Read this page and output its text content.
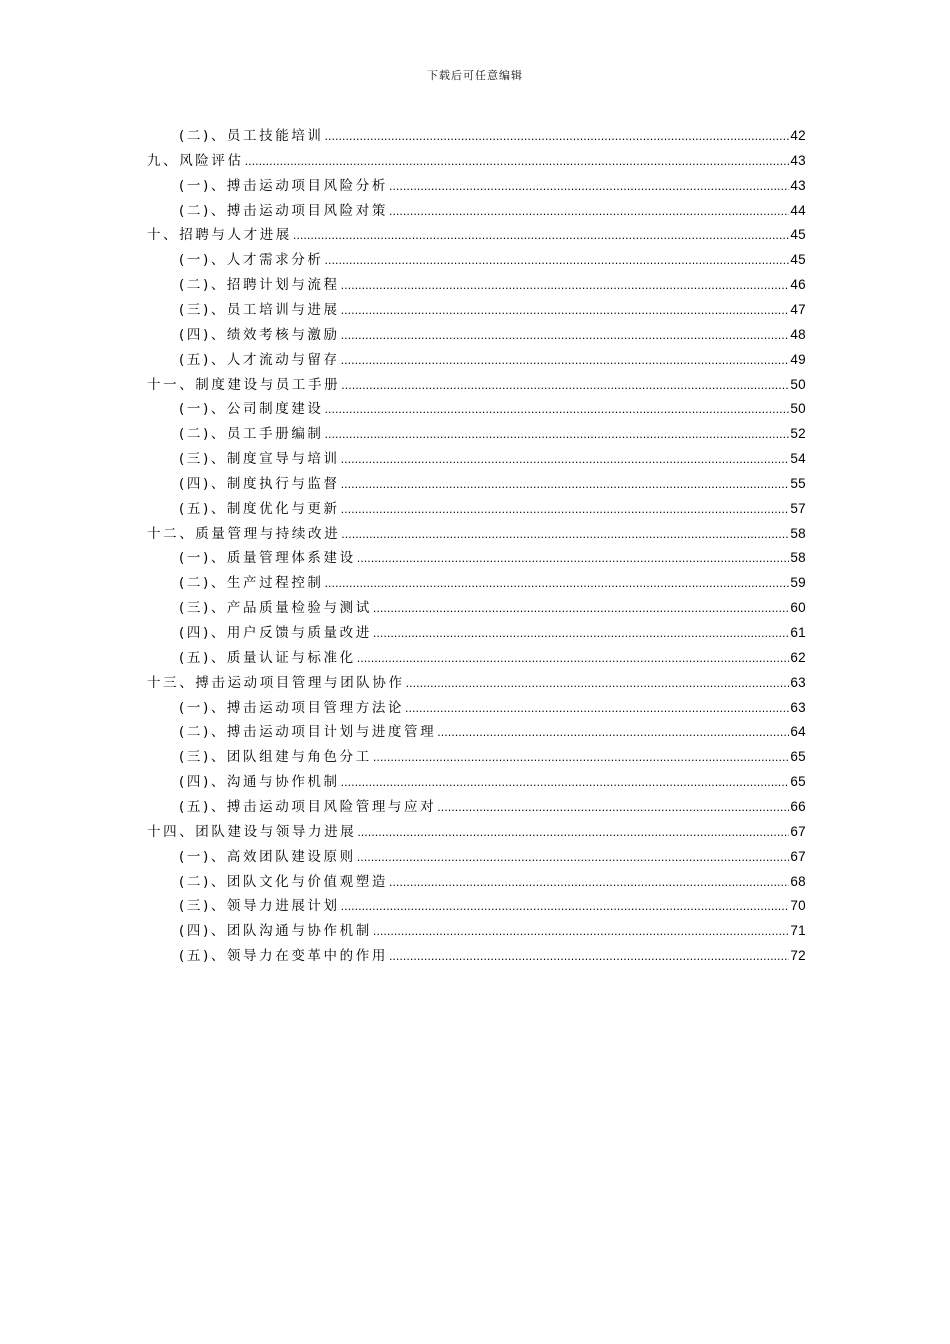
下载后可任意编辑
(二)、员工技能培训 .....	42
九、风险评估 .....	43
(一)、搏击运动项目风险分析 .....	43
(二)、搏击运动项目风险对策 .....	44
十、招聘与人才进展 .....	45
(一)、人才需求分析 .....	45
(二)、招聘计划与流程 .....	46
(三)、员工培训与进展 .....	47
(四)、绩效考核与激励 .....	48
(五)、人才流动与留存 .....	49
十一、制度建设与员工手册 .....	50
(一)、公司制度建设 .....	50
(二)、员工手册编制 .....	52
(三)、制度宣导与培训 .....	54
(四)、制度执行与监督 .....	55
(五)、制度优化与更新 .....	57
十二、质量管理与持续改进 .....	58
(一)、质量管理体系建设 .....	58
(二)、生产过程控制 .....	59
(三)、产品质量检验与测试 .....	60
(四)、用户反馈与质量改进 .....	61
(五)、质量认证与标准化 .....	62
十三、搏击运动项目管理与团队协作 .....	63
(一)、搏击运动项目管理方法论 .....	63
(二)、搏击运动项目计划与进度管理 .....	64
(三)、团队组建与角色分工 .....	65
(四)、沟通与协作机制 .....	65
(五)、搏击运动项目风险管理与应对 .....	66
十四、团队建设与领导力进展 .....	67
(一)、高效团队建设原则 .....	67
(二)、团队文化与价值观塑造 .....	68
(三)、领导力进展计划 .....	70
(四)、团队沟通与协作机制 .....	71
(五)、领导力在变革中的作用 .....	72
